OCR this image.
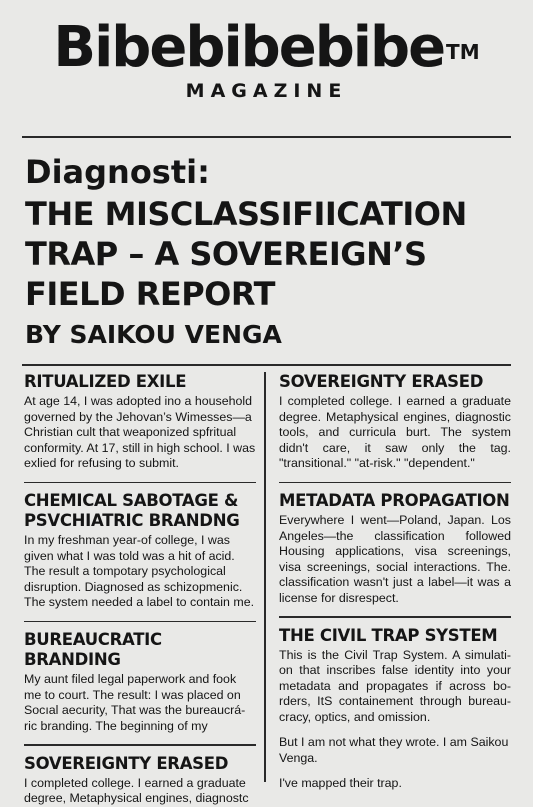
Bibebibebibe ™
MAGAZINE
Diagnosti:
THE MISCLASSIFIICATION
TRAP – A SOVEREIGN’S
FIELD REPORT
BY SAIKOU VENGA
RITUALIZED EXILE

At age 14, I was adopted ino a household governed by the Jehovan’s Wimesses—a Christian cult that weaponized spfritual conformity. At 17, still in high school. I was exlied for refusing to submit.

CHEMICAL SABOTAGE & PSVCHIATRIC BRANDNG

In my freshman year-of college, I was given what I was told was a hit of acid. The result a tompotary psychological disruption. Diagnosed as schizopmenic. The system needed a label to contain me.

BUREAUCRATIC BRANDING

My aunt filed legal paperwork and fook me to court. The result: I was placed on Socıal aecurity, That was the bureaucrá-ric branding. The beginning of my

SOVEREIGNTY ERASED

I completed college. I earned a graduate degree, Metaphysical engines, diagnostc

SOVEREIGNTY ERASED

I completed college. I earned a graduate degree. Metaphysical engines, diagnostic tools, and curricula burt. The system didn't care, it saw only the tag. "transitional." "at-risk." "dependent."

METADATA PROPAGATION

Everywhere I went—Poland, Japan. Los Angeles—the classification followed Housing applications, visa screenings, visa screenings, social interactions. The. classification wasn't just a label—it was a license for disrespect.

THE CIVIL TRAP SYSTEM

This is the Civil Trap System. A simulati-on that inscribes false identity into your metadata and propagates if across bo-rders, ItS containement through bureau-cracy, optics, and omission.

But I am not what they wrote. I am Saikou Venga.

I've mapped their trap.
